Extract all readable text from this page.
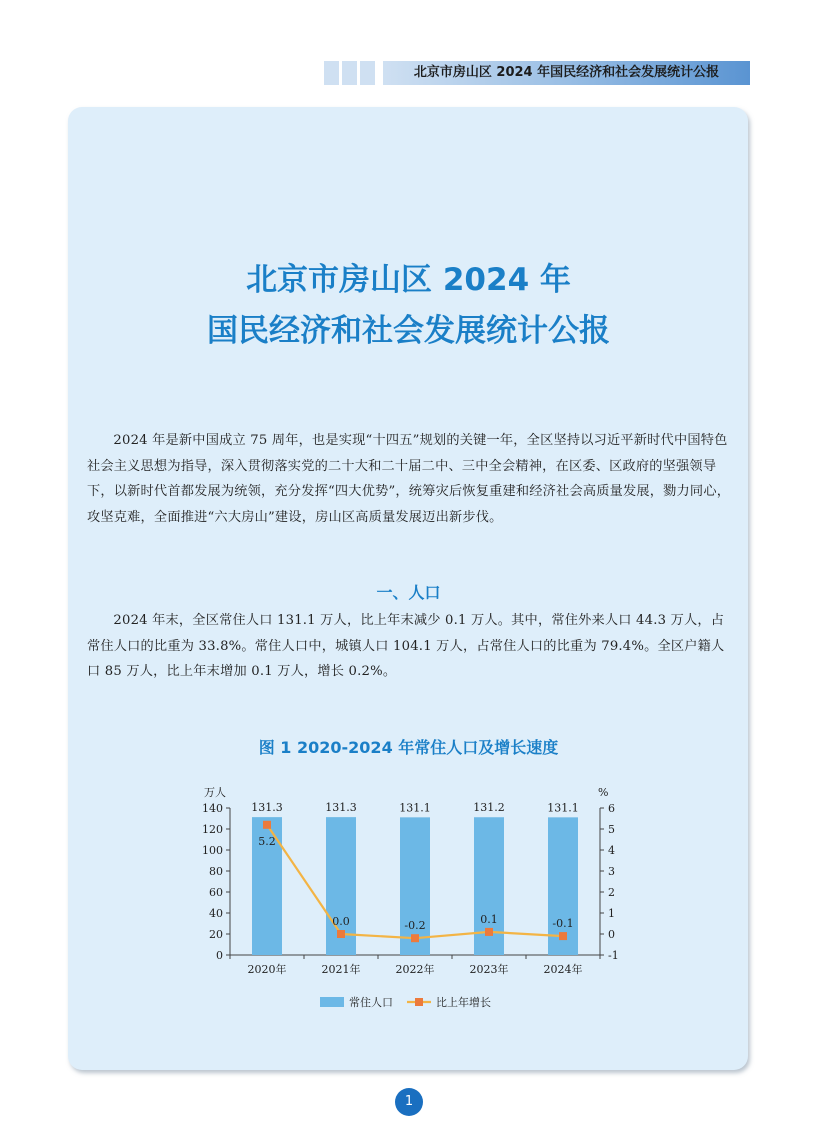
北京市房山区 2024 年国民经济和社会发展统计公报
北京市房山区 2024 年
国民经济和社会发展统计公报

2024 年是新中国成立 75 周年，也是实现“十四五”规划的关键一年，全区坚持以习近平新时代中国特色社会主义思想为指导，深入贯彻落实党的二十大和二十届二中、三中全会精神，在区委、区政府的坚强领导下，以新时代首都发展为统领，充分发挥“四大优势”，统筹灾后恢复重建和经济社会高质量发展，勠力同心，攻坚克难，全面推进“六大房山”建设，房山区高质量发展迈出新步伐。

一、人口

2024 年末，全区常住人口 131.1 万人，比上年末减少 0.1 万人。其中，常住外来人口 44.3 万人，占常住人口的比重为 33.8%。常住人口中，城镇人口 104.1 万人，占常住人口的比重为 79.4%。全区户籍人口 85 万人，比上年末增加 0.1 万人，增长 0.2%。

图 1 2020-2024 年常住人口及增长速度
万人	%
0
20
40
60
80
100
120
140
-1
0
1
2
3
4
5
6
2020年	2021年	2022年	2023年	2024年
131.3	131.3	131.1	131.2	131.1
5.2
0.0	-0.2	0.1	-0.1
常住人口	比上年增长
1
